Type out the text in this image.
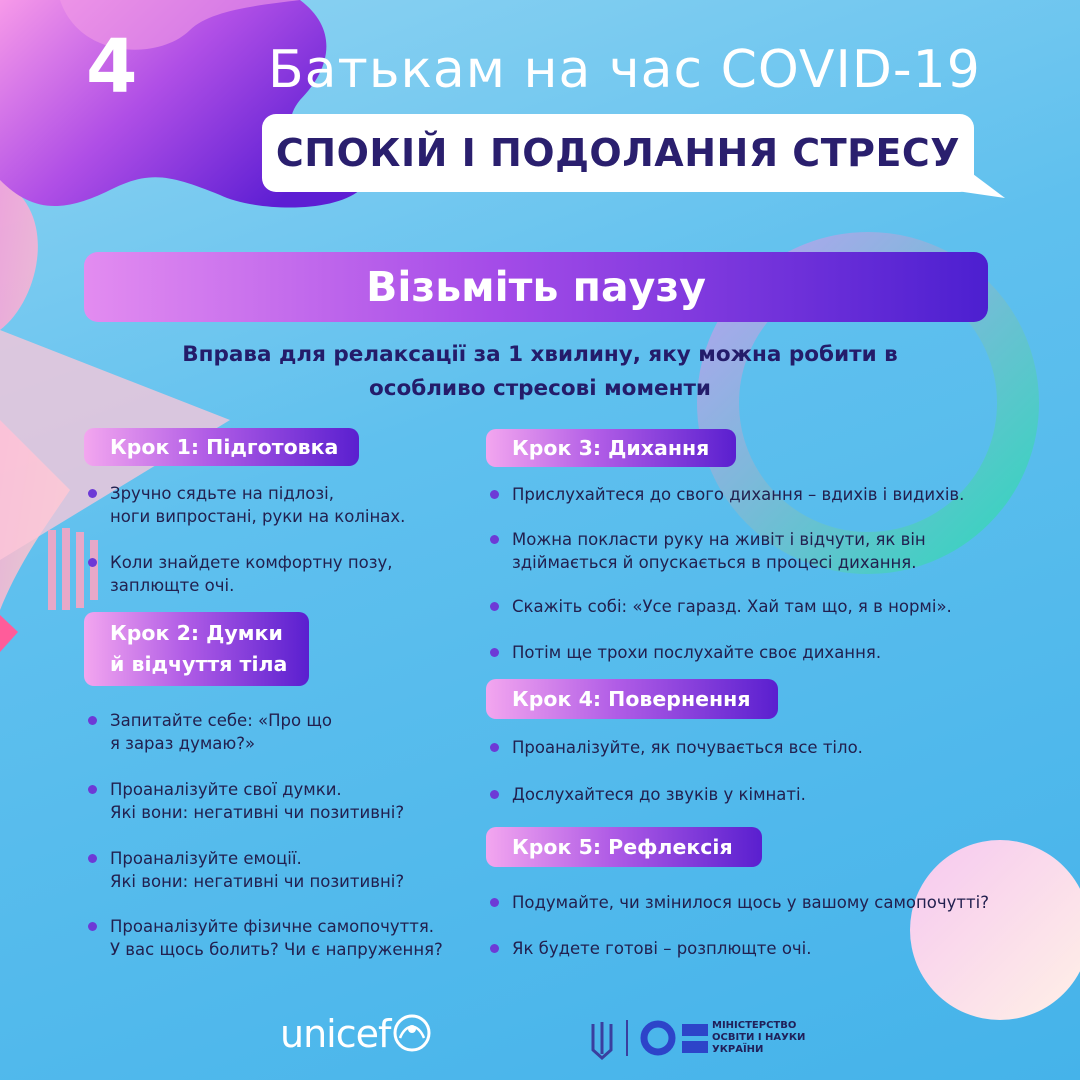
4	Батькам на час COVID-19
СПОКІЙ І ПОДОЛАННЯ СТРЕСУ
Візьміть паузу
Вправа для релаксації за 1 хвилину, яку можна робити в особливо стресові моменти
Крок 1: Підготовка
Зручно сядьте на підлозі,
ноги випростані, руки на колінах.
Коли знайдете комфортну позу,
заплющте очі.
Крок 2: Думки
й відчуття тіла
Запитайте себе: «Про що
я зараз думаю?»
Проаналізуйте свої думки.
Які вони: негативні чи позитивні?
Проаналізуйте емоції.
Які вони: негативні чи позитивні?
Проаналізуйте фізичне самопочуття.
У вас щось болить? Чи є напруження?
Крок 3: Дихання
Прислухайтеся до свого дихання – вдихів і видихів.
Можна покласти руку на живіт і відчути, як він
здіймається й опускається в процесі дихання.
Скажіть собі: «Усе гаразд. Хай там що, я в нормі».
Потім ще трохи послухайте своє дихання.
Крок 4: Повернення
Проаналізуйте, як почувається все тіло.
Дослухайтеся до звуків у кімнаті.
Крок 5: Рефлексія
Подумайте, чи змінилося щось у вашому самопочутті?
Як будете готові – розплющте очі.
unicef	МІНІСТЕРСТВО
ОСВІТИ І НАУКИ
УКРАЇНИ
